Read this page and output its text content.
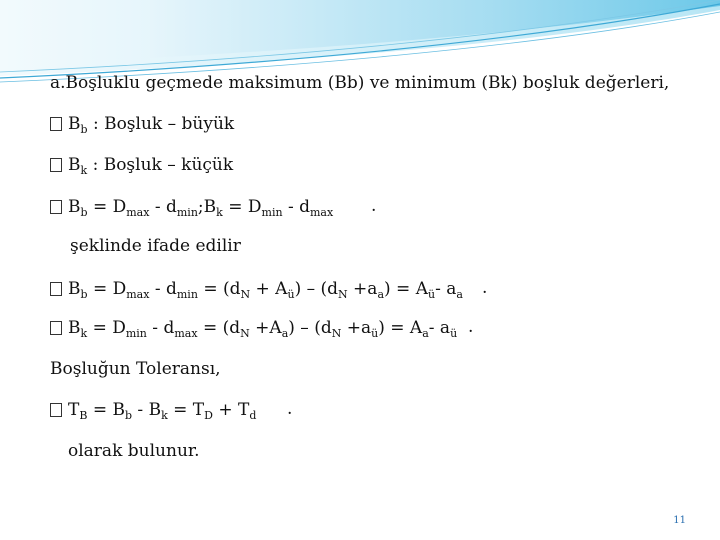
a.Boşluklu geçmede maksimum (Bb) ve minimum (Bk) boşluk değerleri,
$B_b$ : Boşluk – büyük
$B_k$ : Boşluk – küçük
$B_b = D_{max}$ - $d_{min};B_k = D_{min} - d_{max}$ .
şeklinde ifade edilir
$B_b = D_{max} - d_{min} = (d_N + A_ü) - (d_N +a_a) = A_ü-$ $a_a$ .
$B_k = D_{min} - d_{max} = (d_N +A_a) - (d_N +a_ü) = A_a-$ $a_ü$ .
Boşluğun Toleransı,
$T_B = B_b - B_k = T_D + T_d$ .
olarak bulunur.
11
